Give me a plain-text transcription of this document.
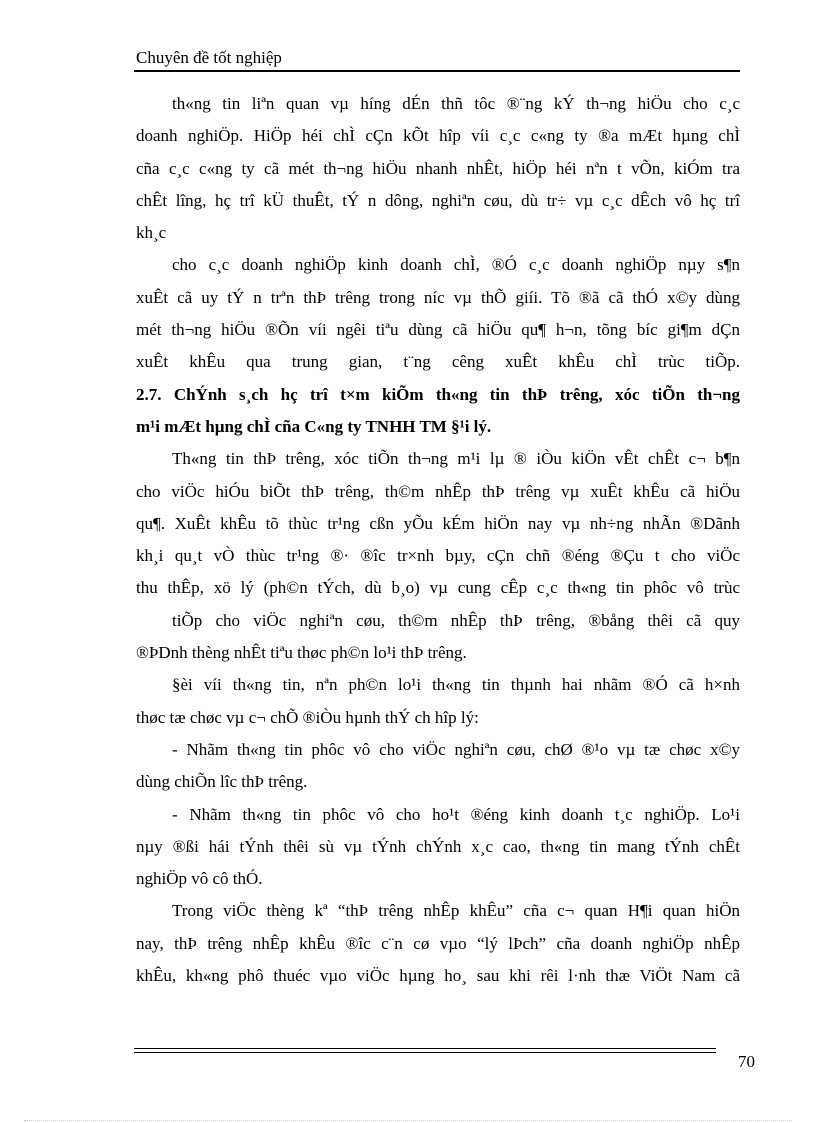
Chuyên đề tốt nghiệp
th«ng tin liªn quan vµ híng dÉn thñ tôc ®¨ng kÝ th¬ng hiÖu cho c¸c
doanh nghiÖp. HiÖp héi chÌ cÇn kÕt hîp víi c¸c c«ng ty ®a mÆt hµng chÌ
cña c¸c c«ng ty cã mét th¬ng hiÖu nhanh nhÊt, hiÖp héi nªn t vÕn, kiÓm tra
chÊt lîng, hç trî kÜ thuÊt, tÝ n dông, nghiªn cøu, dù tr÷ vµ c¸c dÊch vô hç trî
kh¸c
cho c¸c doanh nghiÖp kinh doanh chÌ, ®Ó c¸c doanh nghiÖp nµy s¶n
xuÊt cã uy tÝ n trªn thÞ trêng trong níc vµ thÕ giíi. Tõ ®ã cã thÓ x©y dùng
mét th¬ng hiÖu ®Õn víi ngêi tiªu dùng cã hiÖu qu¶ h¬n, tõng bíc gi¶m dÇn
xuÊt khÊu qua trung gian, t¨ng cêng xuÊt khÊu chÌ trùc tiÕp.
2.7. ChÝnh s¸ch hç trî t×m kiÕm th«ng tin thÞ trêng, xóc tiÕn th¬ng
m¹i mÆt hµng chÌ cña C«ng ty TNHH TM §¹i lý.
Th«ng tin thÞ trêng, xóc tiÕn th¬ng m¹i lµ ® iÒu kiÖn vÊt chÊt c¬ b¶n
cho viÖc hiÓu biÕt thÞ trêng, th©m nhÊp thÞ trêng vµ xuÊt khÊu cã hiÖu
qu¶. XuÊt khÊu tõ thùc tr¹ng cßn yÕu kÉm hiÖn nay vµ nh÷ng nhÃn ®Dãnh
kh¸i qu¸t vÒ thùc tr¹ng ®· ®îc tr×nh bµy, cÇn chñ ®éng ®Çu t cho viÖc
thu thÊp, xö lý (ph©n tÝch, dù b¸o) vµ cung cÊp c¸c th«ng tin phôc vô trùc
tiÕp cho viÖc nghiªn cøu, th©m nhÊp thÞ trêng, ®bång thêi cã quy
®ÞDnh thèng nhÊt tiªu thøc ph©n lo¹i thÞ trêng.
§èi víi th«ng tin, nªn ph©n lo¹i th«ng tin thµnh hai nhãm ®Ó cã h×nh
thøc tæ chøc vµ c¬ chÕ ®iÒu hµnh thÝ ch hîp lý:
- Nhãm th«ng tin phôc vô cho viÖc nghiªn cøu, chØ ®¹o vµ tæ chøc x©y
dùng chiÕn lîc thÞ trêng.
- Nhãm th«ng tin phôc vô cho ho¹t ®éng kinh doanh t¸c nghiÖp. Lo¹i
nµy ®ßi hái tÝnh thêi sù vµ tÝnh chÝnh x¸c cao, th«ng tin mang tÝnh chÊt
nghiÖp vô cô thÓ.
Trong viÖc thèng kª “thÞ trêng nhÊp khÊu” cña c¬ quan H¶i quan hiÖn
nay, thÞ trêng nhÊp khÊu ®îc c¨n cø vµo “lý lÞch” cña doanh nghiÖp nhÊp
khÊu, kh«ng phô thuéc vµo viÖc hµng ho¸ sau khi rêi l·nh thæ ViÖt Nam cã
70
